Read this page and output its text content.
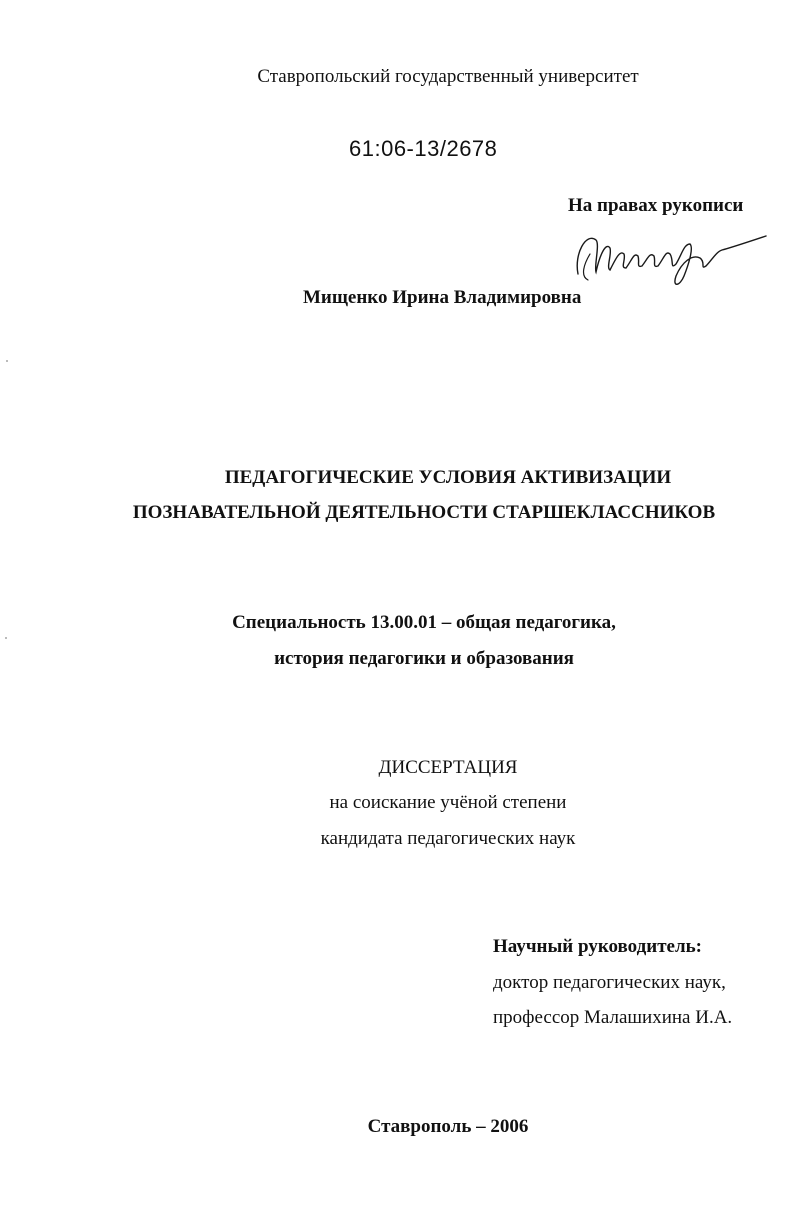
Ставропольский государственный университет
61:06-13/2678
На правах рукописи
Мищенко Ирина Владимировна
ПЕДАГОГИЧЕСКИЕ УСЛОВИЯ АКТИВИЗАЦИИ
ПОЗНАВАТЕЛЬНОЙ ДЕЯТЕЛЬНОСТИ СТАРШЕКЛАССНИКОВ
Специальность 13.00.01 – общая педагогика,
история педагогики и образования
ДИССЕРТАЦИЯ
на соискание учёной степени
кандидата педагогических наук
Научный руководитель:
доктор педагогических наук,
профессор Малашихина И.А.
Ставрополь – 2006
